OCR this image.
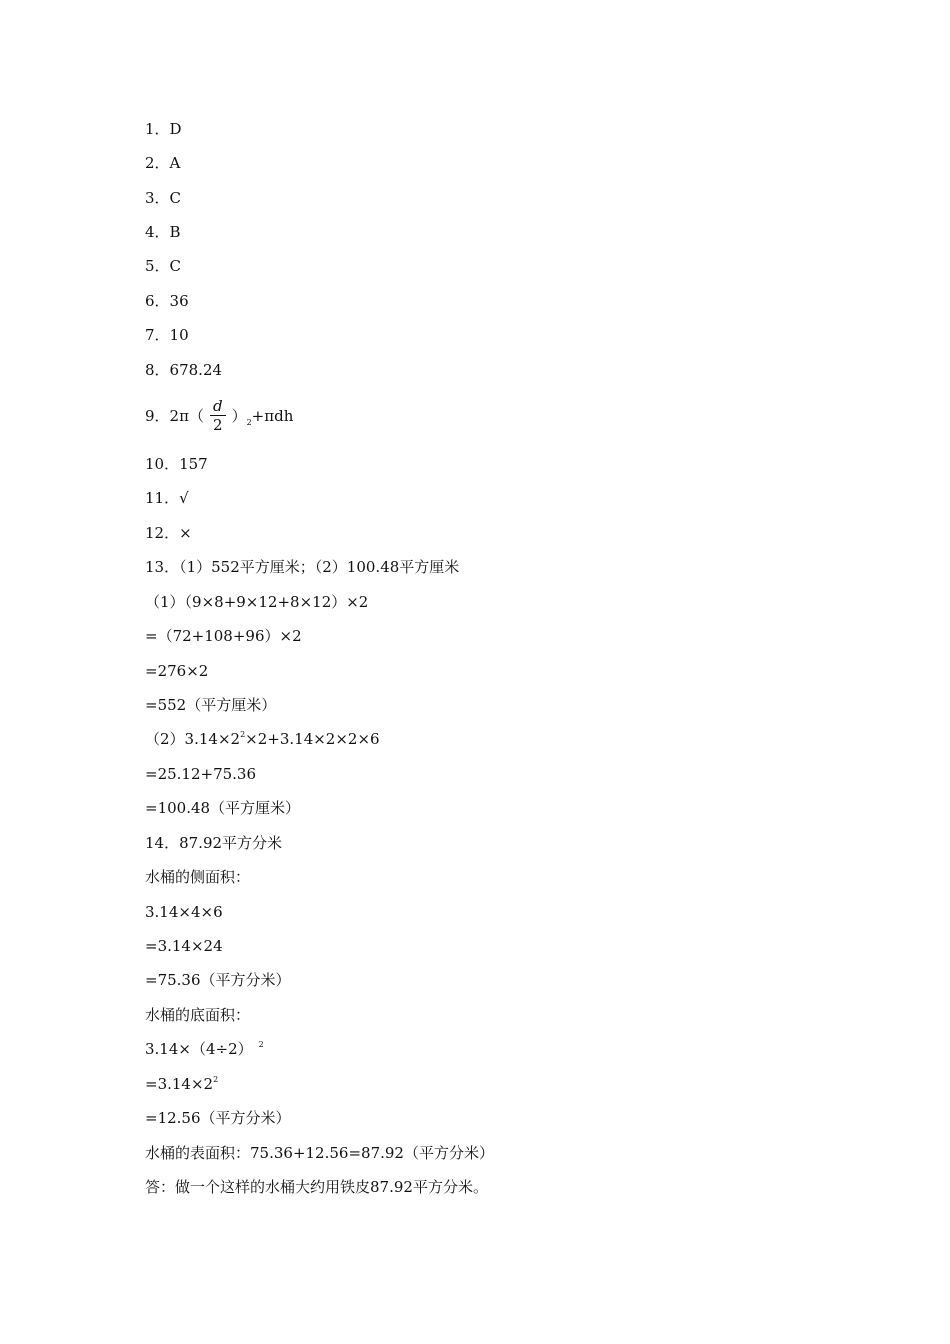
1．D
2．A
3．C
4．B
5．C
6．36
7．10
8．678.24
9．$2\pi( \frac{d}{2} )_2+\pi dh$
10．157
11．√
12．×
13．（1）552平方厘米；（2）100.48平方厘米
（1）（9×8+9×12+8×12）×2
=（72+108+96）×2
=276×2
=552（平方厘米）
$(2)3.14\times 2^2\times 2+3.14\times 2\times 2\times 6$
=25.12+75.36
=100.48（平方厘米）
14．87.92平方分米
水桶的侧面积：
3.14×4×6
=3.14×24
=75.36（平方分米）
水桶的底面积：
3.14×（4÷2） $^2$
$=3.14\times 2^2$
=12.56（平方分米）
水桶的表面积：75.36+12.56=87.92（平方分米）
答：做一个这样的水桶大约用铁皮87.92平方分米。
